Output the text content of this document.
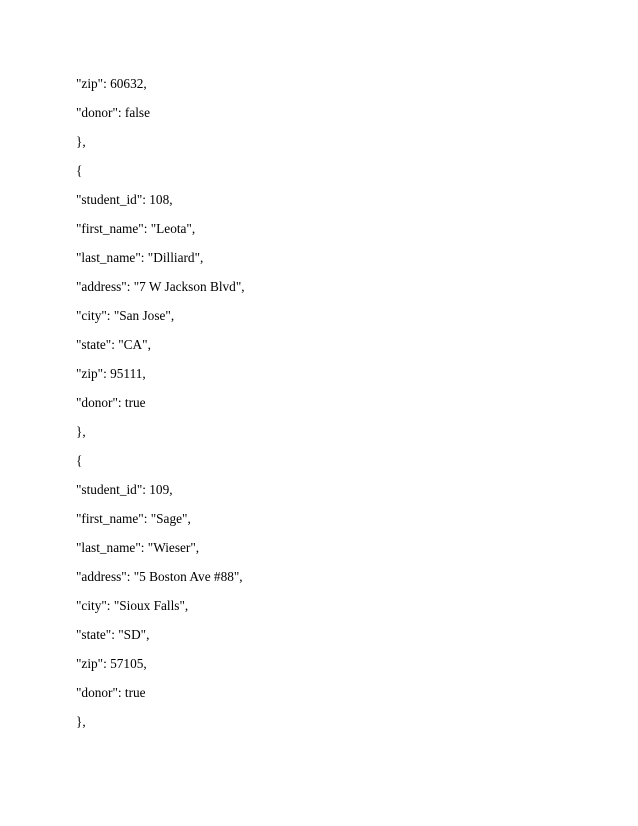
"zip": 60632,

"donor": false

},

{

"student_id": 108,

"first_name": "Leota",

"last_name": "Dilliard",

"address": "7 W Jackson Blvd",

"city": "San Jose",

"state": "CA",

"zip": 95111,

"donor": true

},

{

"student_id": 109,

"first_name": "Sage",

"last_name": "Wieser",

"address": "5 Boston Ave #88",

"city": "Sioux Falls",

"state": "SD",

"zip": 57105,

"donor": true

},
